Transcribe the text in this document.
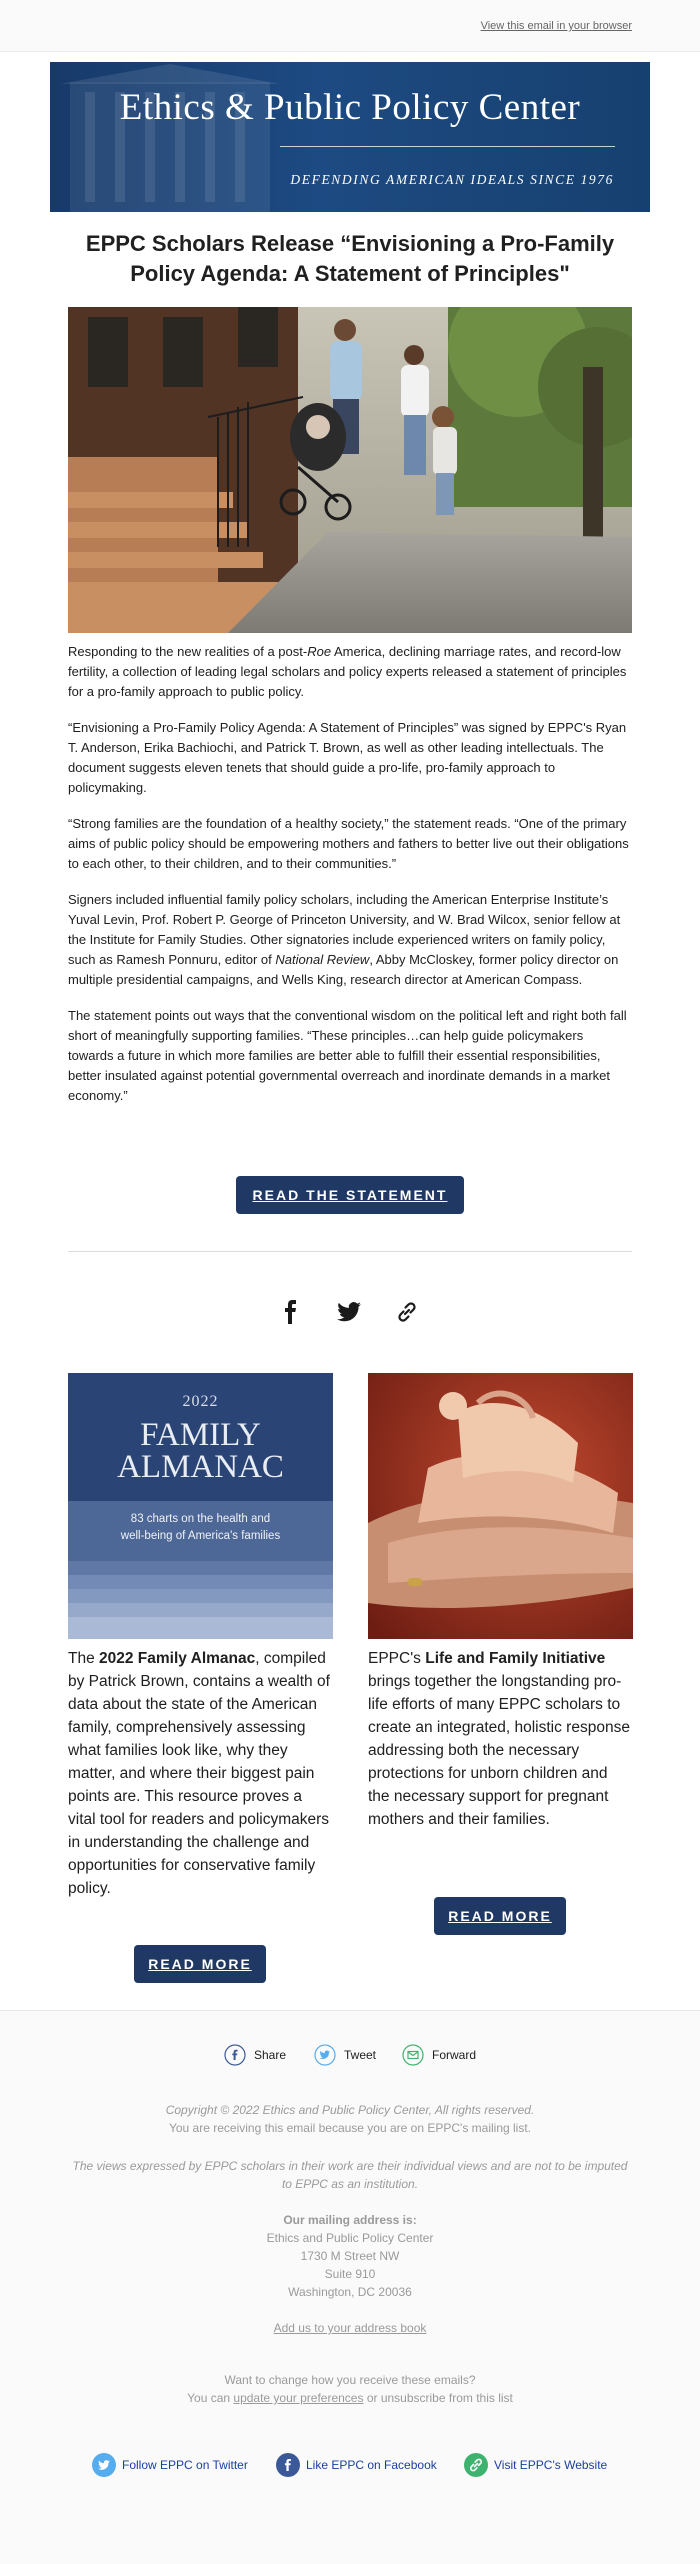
View this email in your browser
Ethics & Public Policy Center
DEFENDING AMERICAN IDEALS SINCE 1976
EPPC Scholars Release “Envisioning a Pro-Family Policy Agenda: A Statement of Principles"

Responding to the new realities of a post-Roe America, declining marriage rates, and record-low fertility, a collection of leading legal scholars and policy experts released a statement of principles for a pro-family approach to public policy.

“Envisioning a Pro-Family Policy Agenda: A Statement of Principles” was signed by EPPC's Ryan T. Anderson, Erika Bachiochi, and Patrick T. Brown, as well as other leading intellectuals. The document suggests eleven tenets that should guide a pro-life, pro-family approach to policymaking.

“Strong families are the foundation of a healthy society,” the statement reads. “One of the primary aims of public policy should be empowering mothers and fathers to better live out their obligations to each other, to their children, and to their communities.”

Signers included influential family policy scholars, including the American Enterprise Institute’s Yuval Levin, Prof. Robert P. George of Princeton University, and W. Brad Wilcox, senior fellow at the Institute for Family Studies. Other signatories include experienced writers on family policy, such as Ramesh Ponnuru, editor of National Review, Abby McCloskey, former policy director on multiple presidential campaigns, and Wells King, research director at American Compass.

The statement points out ways that the conventional wisdom on the political left and right both fall short of meaningfully supporting families. “These principles…can help guide policymakers towards a future in which more families are better able to fulfill their essential responsibilities, better insulated against potential governmental overreach and inordinate demands in a market economy.”

READ THE STATEMENT
2022
FAMILY
ALMANAC
83 charts on the health and
well-being of America's families
The 2022 Family Almanac, compiled by Patrick Brown, contains a wealth of data about the state of the American family, comprehensively assessing what families look like, why they matter, and where their biggest pain points are. This resource proves a vital tool for readers and policymakers in understanding the challenge and opportunities for conservative family policy.
EPPC's Life and Family Initiative brings together the longstanding pro-life efforts of many EPPC scholars to create an integrated, holistic response addressing both the necessary protections for unborn children and the necessary support for pregnant mothers and their families.
READ MORE
READ MORE
Share	Tweet	Forward
Copyright © 2022 Ethics and Public Policy Center, All rights reserved.
You are receiving this email because you are on EPPC's mailing list.
The views expressed by EPPC scholars in their work are their individual views and are not to be imputed
to EPPC as an institution.
Our mailing address is:
Ethics and Public Policy Center
1730 M Street NW
Suite 910
Washington, DC 20036
Add us to your address book
Want to change how you receive these emails?
You can update your preferences or unsubscribe from this list
Follow EPPC on Twitter	Like EPPC on Facebook	Visit EPPC's Website
